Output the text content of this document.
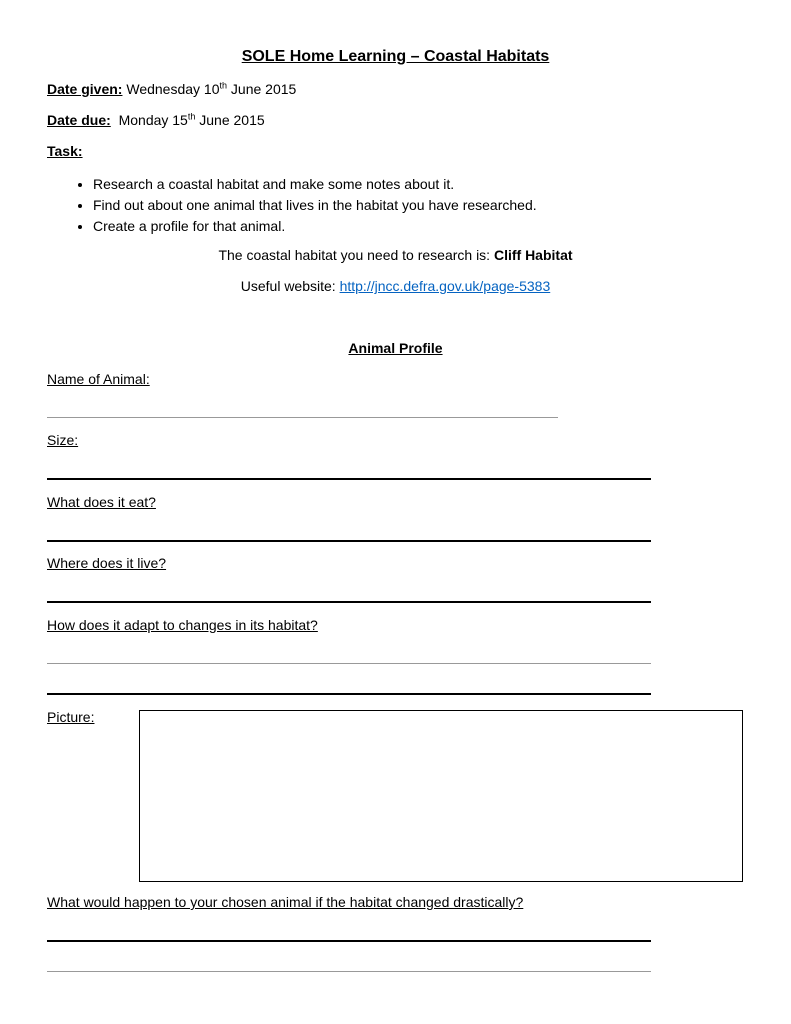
SOLE Home Learning – Coastal Habitats
Date given: Wednesday 10th June 2015
Date due: Monday 15th June 2015
Task:
• Research a coastal habitat and make some notes about it.
• Find out about one animal that lives in the habitat you have researched.
• Create a profile for that animal.
The coastal habitat you need to research is: Cliff Habitat
Useful website: http://jncc.defra.gov.uk/page-5383
Animal Profile
Name of Animal:
Size:
What does it eat?
Where does it live?
How does it adapt to changes in its habitat?
Picture:
What would happen to your chosen animal if the habitat changed drastically?
